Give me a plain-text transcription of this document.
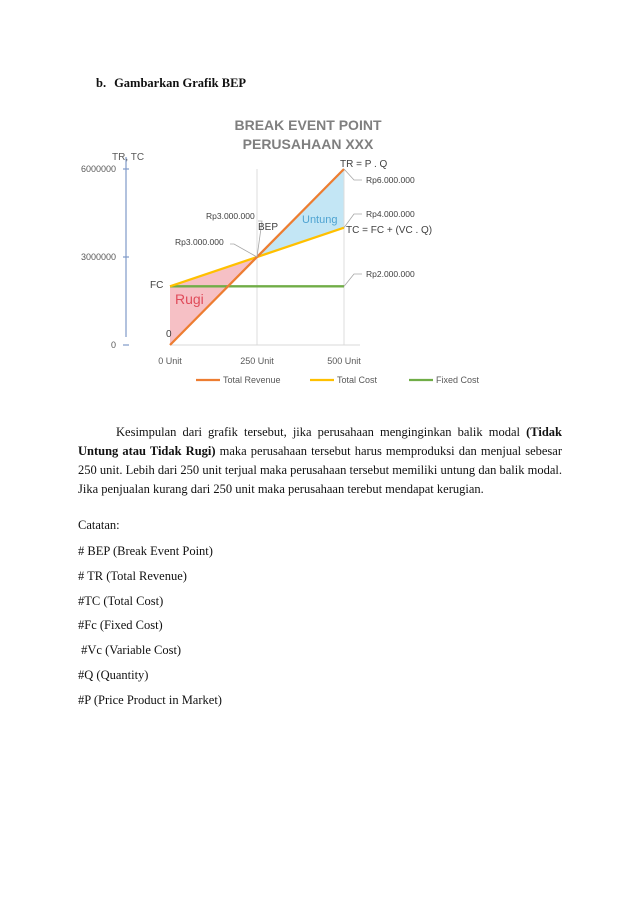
b. Gambarkan Grafik BEP
TR, TC
0
3000000
6000000
0 Unit	250 Unit	500 Unit
BREAK EVENT POINT
PERUSAHAAN XXX
TR = P . Q
TC = FC + (VC . Q)
Rp6.000.000
Rp4.000.000
Rp2.000.000
Rp3.000.000
Rp3.000.000
BEP
FC
Rugi
Untung
0
Total Revenue	Total Cost	Fixed Cost

Kesimpulan dari grafik tersebut, jika perusahaan menginginkan balik modal (Tidak Untung atau Tidak Rugi) maka perusahaan tersebut harus memproduksi dan menjual sebesar 250 unit. Lebih dari 250 unit terjual maka perusahaan tersebut memiliki untung dan balik modal. Jika penjualan kurang dari 250 unit maka perusahaan terebut mendapat kerugian.

Catatan:
# BEP (Break Event Point)
# TR (Total Revenue)
#TC (Total Cost)
#Fc (Fixed Cost)
#Vc (Variable Cost)
#Q (Quantity)
#P (Price Product in Market)
